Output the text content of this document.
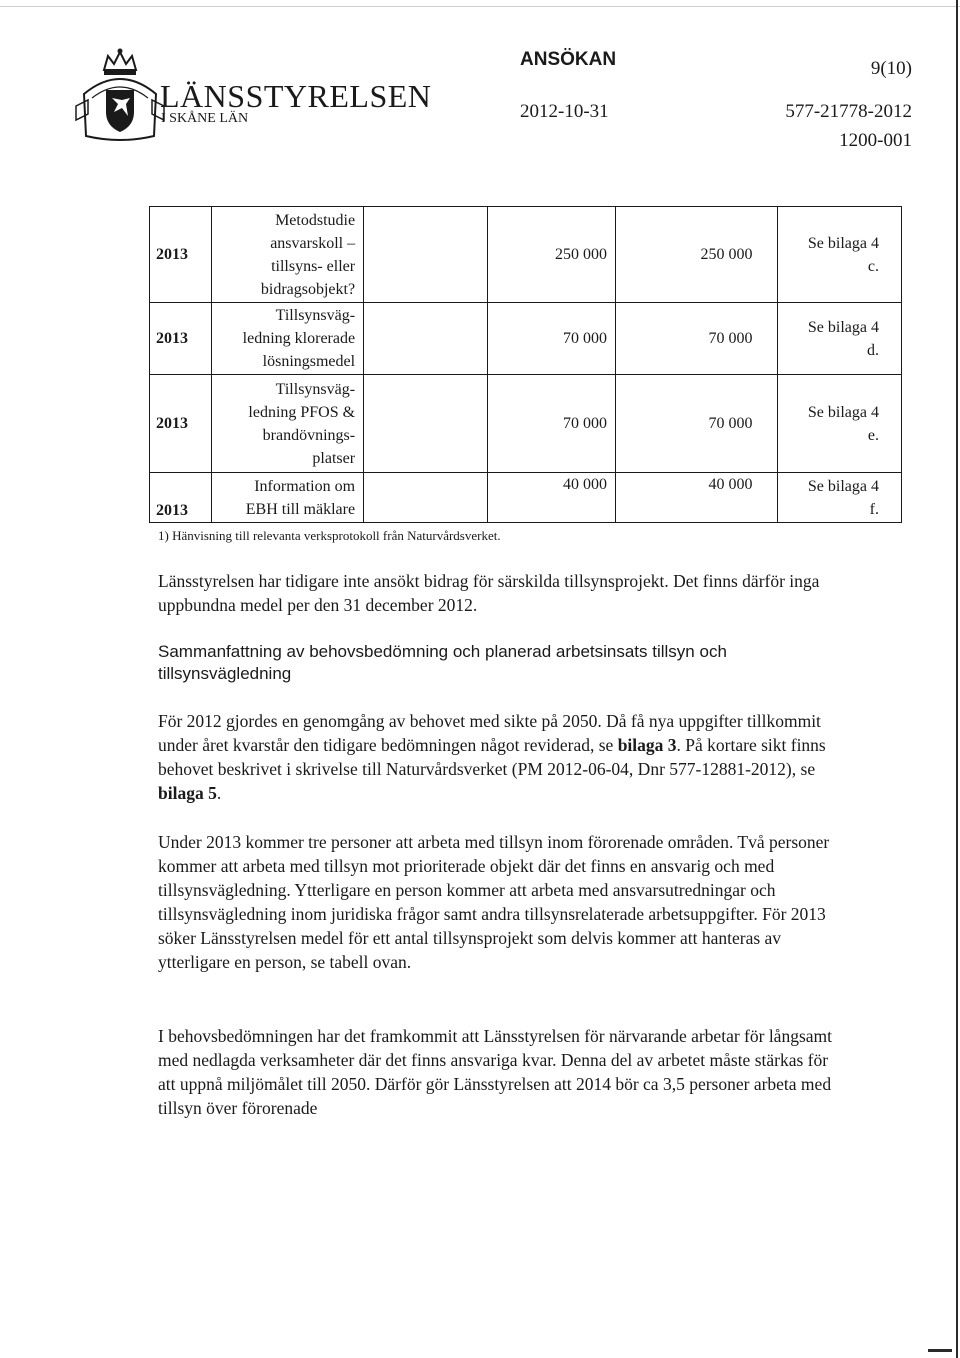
LÄNSSTYRELSEN
I SKÅNE LÄN
ANSÖKAN	9(10)
2012-10-31	577-21778-2012
1200-001
2013	Metodstudie
ansvarskoll –
tillsyns- eller
bidragsobjekt?		250 000	250 000	Se bilaga 4
c.

2013	Tillsynsväg-
ledning klorerade
lösningsmedel		70 000	70 000	Se bilaga 4
d.

2013	Tillsynsväg-
ledning PFOS &
brandövnings-
platser		70 000	70 000	Se bilaga 4
e.

2013	Information om
EBH till mäklare		40 000	40 000	Se bilaga 4
f.
1) Hänvisning till relevanta verksprotokoll från Naturvårdsverket.

Länsstyrelsen har tidigare inte ansökt bidrag för särskilda tillsynsprojekt. Det finns därför inga uppbundna medel per den 31 december 2012.

Sammanfattning av behovsbedömning och planerad arbetsinsats tillsyn och tillsynsvägledning

För 2012 gjordes en genomgång av behovet med sikte på 2050. Då få nya uppgifter tillkommit under året kvarstår den tidigare bedömningen något reviderad, se bilaga 3. På kortare sikt finns behovet beskrivet i skrivelse till Naturvårdsverket (PM 2012-06-04, Dnr 577-12881-2012), se bilaga 5.

Under 2013 kommer tre personer att arbeta med tillsyn inom förorenade områden. Två personer kommer att arbeta med tillsyn mot prioriterade objekt där det finns en ansvarig och med tillsynsvägledning. Ytterligare en person kommer att arbeta med ansvarsutredningar och tillsynsvägledning inom juridiska frågor samt andra tillsynsrelaterade arbetsuppgifter. För 2013 söker Länsstyrelsen medel för ett antal tillsynsprojekt som delvis kommer att hanteras av ytterligare en person, se tabell ovan.

I behovsbedömningen har det framkommit att Länsstyrelsen för närvarande arbetar för långsamt med nedlagda verksamheter där det finns ansvariga kvar. Denna del av arbetet måste stärkas för att uppnå miljömålet till 2050. Därför gör Länsstyrelsen att 2014 bör ca 3,5 personer arbeta med tillsyn över förorenade
